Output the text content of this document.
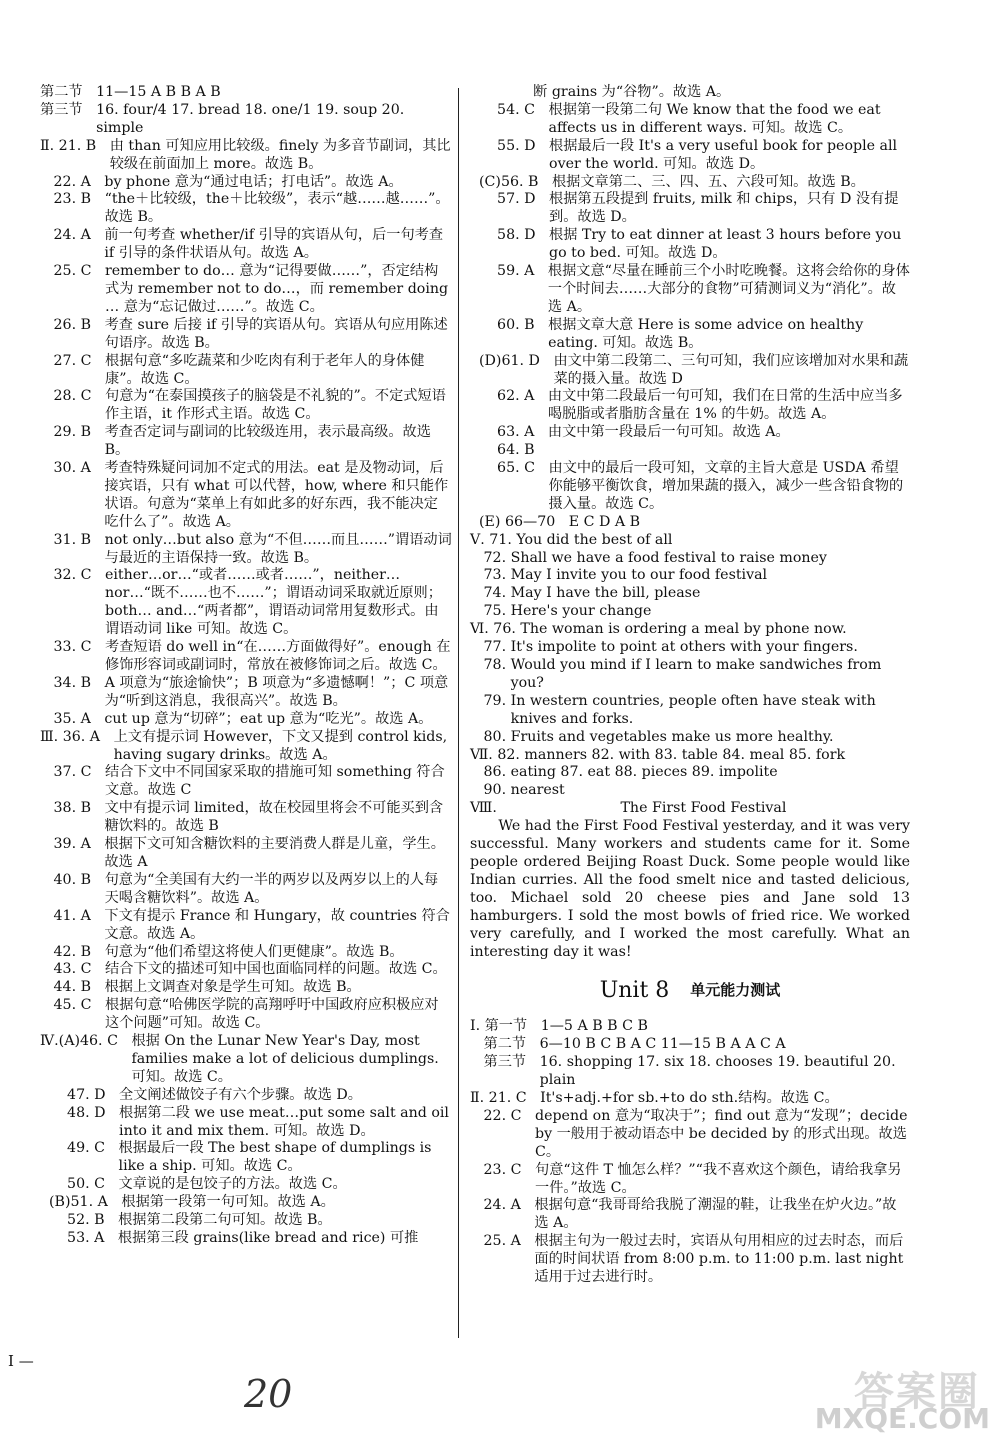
第二节 11—15 A B B A B
第三节 16. four/4 17. bread 18. one/1 19. soup 20. simple
Ⅱ. 21. B 由 than 可知应用比较级。finely 为多音节副词，其比较级在前面加上 more。故选 B。
22. A by phone 意为“通过电话；打电话”。故选 A。
23. B “the＋比较级，the＋比较级”，表示“越……越……”。故选 B。
24. A 前一句考查 whether/if 引导的宾语从句，后一句考查 if 引导的条件状语从句。故选 A。
25. C remember to do… 意为“记得要做……”，否定结构式为 remember not to do…，而 remember doing … 意为“忘记做过……”。故选 C。
26. B 考查 sure 后接 if 引导的宾语从句。宾语从句应用陈述句语序。故选 B。
27. C 根据句意“多吃蔬菜和少吃肉有利于老年人的身体健康”。故选 C。
28. C 句意为“在泰国摸孩子的脑袋是不礼貌的”。不定式短语作主语，it 作形式主语。故选 C。
29. B 考查否定词与副词的比较级连用，表示最高级。故选 B。
30. A 考查特殊疑问词加不定式的用法。eat 是及物动词，后接宾语，只有 what 可以代替，how, where 和只能作状语。句意为“菜单上有如此多的好东西，我不能决定吃什么了”。故选 A。
31. B not only…but also 意为“不但……而且……”谓语动词与最近的主语保持一致。故选 B。
32. C either…or…“或者……或者……”，neither…nor…“既不……也不……”；谓语动词采取就近原则；both… and…“两者都”，谓语动词常用复数形式。由谓语动词 like 可知。故选 C。
33. C 考查短语 do well in“在……方面做得好”。enough 在修饰形容词或副词时，常放在被修饰词之后。故选 C。
34. B A 项意为“旅途愉快”；B 项意为“多遗憾啊！”；C 项意为“听到这消息，我很高兴”。故选 B。
35. A cut up 意为“切碎”；eat up 意为“吃光”。故选 A。
Ⅲ. 36. A 上文有提示词 However，下文又提到 control kids, having sugary drinks。故选 A。
37. C 结合下文中不同国家采取的措施可知 something 符合文意。故选 C
38. B 文中有提示词 limited，故在校园里将会不可能买到含糖饮料的。故选 B
39. A 根据下文可知含糖饮料的主要消费人群是儿童，学生。故选 A
40. B 句意为“全美国有大约一半的两岁以及两岁以上的人每天喝含糖饮料”。故选 A。
41. A 下文有提示 France 和 Hungary，故 countries 符合文意。故选 A。
42. B 句意为“他们希望这将使人们更健康”。故选 B。
43. C 结合下文的描述可知中国也面临同样的问题。故选 C。
44. B 根据上文调查对象是学生可知。故选 B。
45. C 根据句意“哈佛医学院的高翔呼吁中国政府应积极应对这个问题”可知。故选 C。
Ⅳ.(A)46. C 根据 On the Lunar New Year's Day, most families make a lot of delicious dumplings. 可知。故选 C。
47. D 全文阐述做饺子有六个步骤。故选 D。
48. D 根据第二段 we use meat…put some salt and oil into it and mix them. 可知。故选 D。
49. C 根据最后一段 The best shape of dumplings is like a ship. 可知。故选 C。
50. C 文章说的是包饺子的方法。故选 C。
(B)51. A 根据第一段第一句可知。故选 A。
52. B 根据第二段第二句可知。故选 B。
53. A 根据第三段 grains(like bread and rice) 可推

断 grains 为“谷物”。故选 A。
54. C 根据第一段第二句 We know that the food we eat affects us in different ways. 可知。故选 C。
55. D 根据最后一段 It's a very useful book for people all over the world. 可知。故选 D。
(C)56. B 根据文章第二、三、四、五、六段可知。故选 B。
57. D 根据第五段提到 fruits, milk 和 chips，只有 D 没有提到。故选 D。
58. D 根据 Try to eat dinner at least 3 hours before you go to bed. 可知。故选 D。
59. A 根据文意“尽量在睡前三个小时吃晚餐。这将会给你的身体一个时间去……大部分的食物”可猜测词义为“消化”。故选 A。
60. B 根据文章大意 Here is some advice on healthy eating. 可知。故选 B。
(D)61. D 由文中第二段第二、三句可知，我们应该增加对水果和蔬菜的摄入量。故选 D
62. A 由文中第二段最后一句可知，我们在日常的生活中应当多喝脱脂或者脂肪含量在 1% 的牛奶。故选 A。
63. A 由文中第一段最后一句可知。故选 A。
64. B
65. C 由文中的最后一段可知，文章的主旨大意是 USDA 希望你能够平衡饮食，增加果蔬的摄入，减少一些含铅食物的摄入量。故选 C。
(E) 66—70 E C D A B
Ⅴ. 71. You did the best of all
72. Shall we have a food festival to raise money
73. May I invite you to our food festival
74. May I have the bill, please
75. Here's your change
Ⅵ. 76. The woman is ordering a meal by phone now.
77. It's impolite to point at others with your fingers.
78. Would you mind if I learn to make sandwiches from you?
79. In western countries, people often have steak with knives and forks.
80. Fruits and vegetables make us more healthy.
Ⅶ. 82. manners 82. with 83. table 84. meal 85. fork
86. eating 87. eat 88. pieces 89. impolite
90. nearest
Ⅷ.	The First Food Festival
We had the First Food Festival yesterday, and it was very successful. Many workers and students came for it. Some people ordered Beijing Roast Duck. Some people would like Indian curries. All the food smelt nice and tasted delicious, too. Michael sold 20 cheese pies and Jane sold 13 hamburgers. I sold the most bowls of fried rice. We worked very carefully, and I worked the most carefully. What an interesting day it was!
Unit 8 单元能力测试
Ⅰ. 第一节 1—5 A B B C B
第二节 6—10 B C B A C 11—15 B A A C A
第三节 16. shopping 17. six 18. chooses 19. beautiful 20. plain
Ⅱ. 21. C It's+adj.+for sb.+to do sth.结构。故选 C。
22. C depend on 意为“取决于”；find out 意为“发现”；decide by 一般用于被动语态中 be decided by 的形式出现。故选 C。
23. C 句意“这件 T 恤怎么样？”“我不喜欢这个颜色，请给我拿另一件。”故选 C。
24. A 根据句意“我哥哥给我脱了潮湿的鞋，让我坐在炉火边。”故选 A。
25. A 根据主句为一般过去时，宾语从句用相应的过去时态，而后面的时间状语 from 8:00 p.m. to 11:00 p.m. last night 适用于过去进行时。
I —
20	答案圈
MXQE.COM
